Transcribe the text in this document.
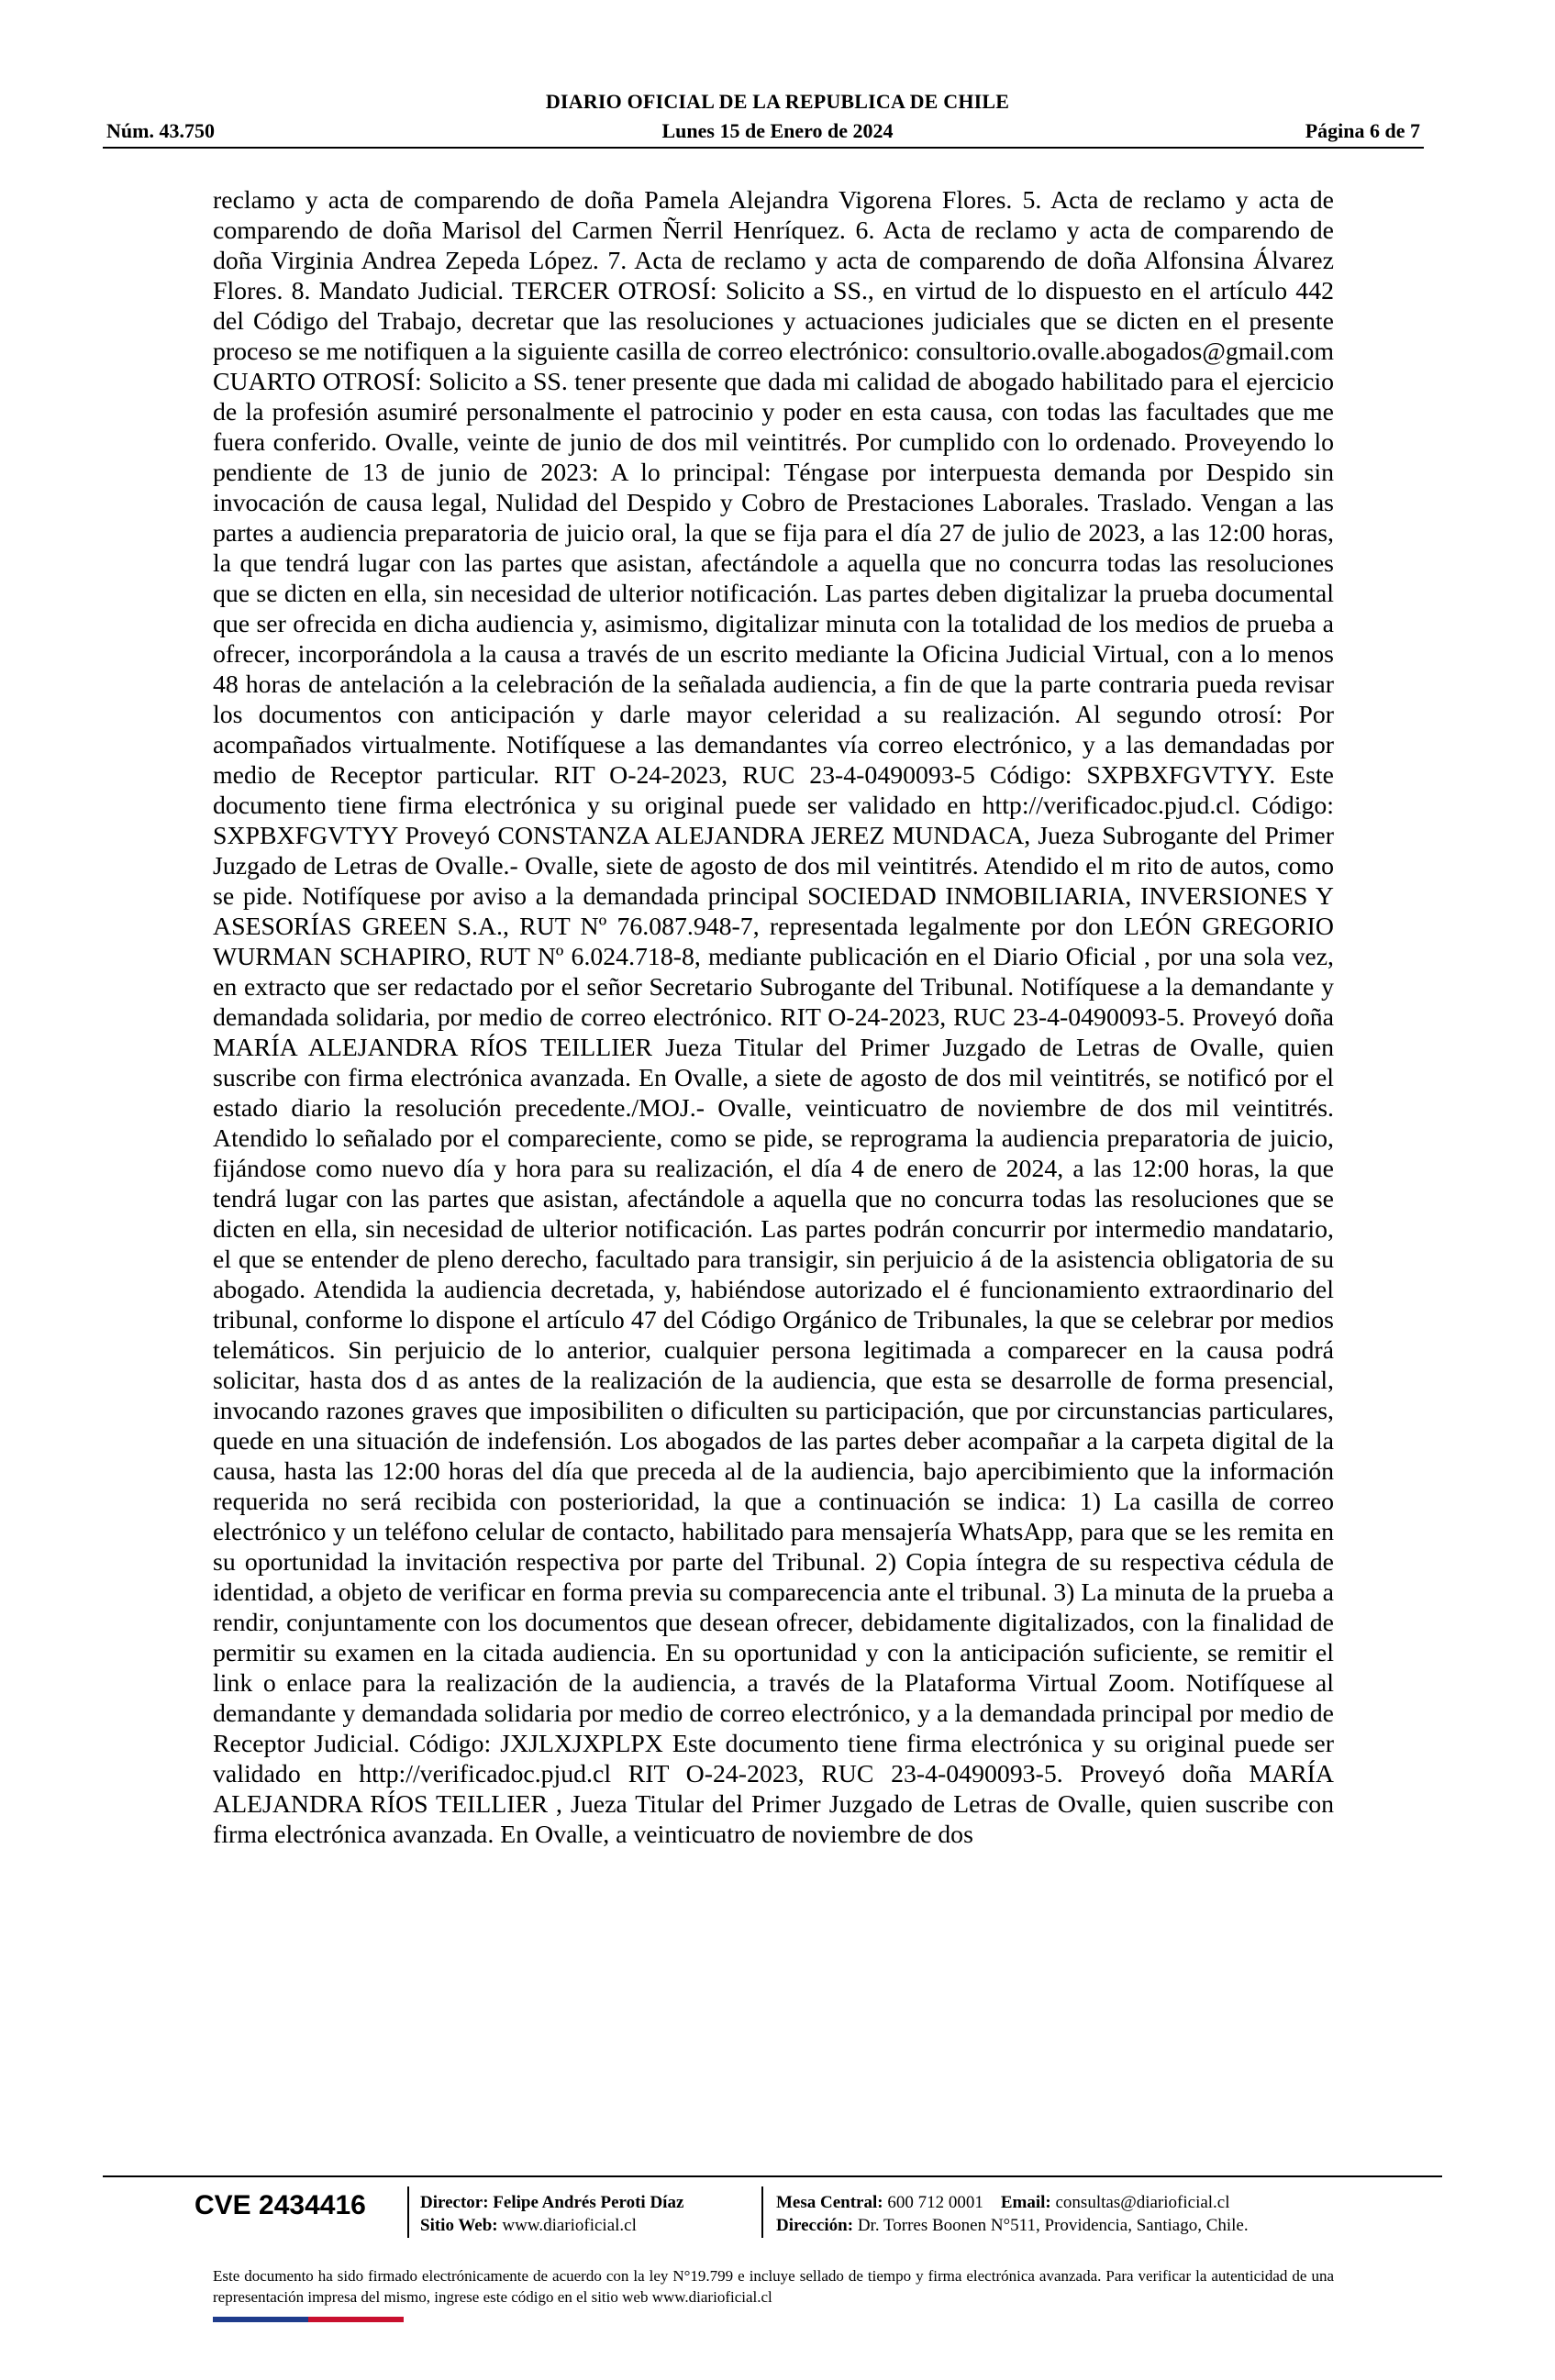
DIARIO OFICIAL DE LA REPUBLICA DE CHILE
Núm. 43.750	Lunes 15 de Enero de 2024	Página 6 de 7

reclamo y acta de comparendo de doña Pamela Alejandra Vigorena Flores. 5. Acta de reclamo y acta de comparendo de doña Marisol del Carmen Ñerril Henríquez. 6. Acta de reclamo y acta de comparendo de doña Virginia Andrea Zepeda López. 7. Acta de reclamo y acta de comparendo de doña Alfonsina Álvarez Flores. 8. Mandato Judicial. TERCER OTROSÍ: Solicito a SS., en virtud de lo dispuesto en el artículo 442 del Código del Trabajo, decretar que las resoluciones y actuaciones judiciales que se dicten en el presente proceso se me notifiquen a la siguiente casilla de correo electrónico: consultorio.ovalle.abogados@gmail.com CUARTO OTROSÍ: Solicito a SS. tener presente que dada mi calidad de abogado habilitado para el ejercicio de la profesión asumiré personalmente el patrocinio y poder en esta causa, con todas las facultades que me fuera conferido. Ovalle, veinte de junio de dos mil veintitrés. Por cumplido con lo ordenado. Proveyendo lo pendiente de 13 de junio de 2023: A lo principal: Téngase por interpuesta demanda por Despido sin invocación de causa legal, Nulidad del Despido y Cobro de Prestaciones Laborales. Traslado. Vengan a las partes a audiencia preparatoria de juicio oral, la que se fija para el día 27 de julio de 2023, a las 12:00 horas, la que tendrá lugar con las partes que asistan, afectándole a aquella que no concurra todas las resoluciones que se dicten en ella, sin necesidad de ulterior notificación. Las partes deben digitalizar la prueba documental que ser ofrecida en dicha audiencia y, asimismo, digitalizar minuta con la totalidad de los medios de prueba a ofrecer, incorporándola a la causa a través de un escrito mediante la Oficina Judicial Virtual, con a lo menos 48 horas de antelación a la celebración de la señalada audiencia, a fin de que la parte contraria pueda revisar los documentos con anticipación y darle mayor celeridad a su realización. Al segundo otrosí: Por acompañados virtualmente. Notifíquese a las demandantes vía correo electrónico, y a las demandadas por medio de Receptor particular. RIT O-24-2023, RUC 23-4-0490093-5 Código: SXPBXFGVTYY. Este documento tiene firma electrónica y su original puede ser validado en http://verificadoc.pjud.cl. Código: SXPBXFGVTYY Proveyó CONSTANZA ALEJANDRA JEREZ MUNDACA, Jueza Subrogante del Primer Juzgado de Letras de Ovalle.- Ovalle, siete de agosto de dos mil veintitrés. Atendido el m rito de autos, como se pide. Notifíquese por aviso a la demandada principal SOCIEDAD INMOBILIARIA, INVERSIONES Y ASESORÍAS GREEN S.A., RUT Nº 76.087.948-7, representada legalmente por don LEÓN GREGORIO WURMAN SCHAPIRO, RUT Nº 6.024.718-8, mediante publicación en el Diario Oficial , por una sola vez, en extracto que ser redactado por el señor Secretario Subrogante del Tribunal. Notifíquese a la demandante y demandada solidaria, por medio de correo electrónico. RIT O-24-2023, RUC 23-4-0490093-5. Proveyó doña MARÍA ALEJANDRA RÍOS TEILLIER Jueza Titular del Primer Juzgado de Letras de Ovalle, quien suscribe con firma electrónica avanzada. En Ovalle, a siete de agosto de dos mil veintitrés, se notificó por el estado diario la resolución precedente./MOJ.- Ovalle, veinticuatro de noviembre de dos mil veintitrés. Atendido lo señalado por el compareciente, como se pide, se reprograma la audiencia preparatoria de juicio, fijándose como nuevo día y hora para su realización, el día 4 de enero de 2024, a las 12:00 horas, la que tendrá lugar con las partes que asistan, afectándole a aquella que no concurra todas las resoluciones que se dicten en ella, sin necesidad de ulterior notificación. Las partes podrán concurrir por intermedio mandatario, el que se entender de pleno derecho, facultado para transigir, sin perjuicio á de la asistencia obligatoria de su abogado. Atendida la audiencia decretada, y, habiéndose autorizado el é funcionamiento extraordinario del tribunal, conforme lo dispone el artículo 47 del Código Orgánico de Tribunales, la que se celebrar por medios telemáticos. Sin perjuicio de lo anterior, cualquier persona legitimada a comparecer en la causa podrá solicitar, hasta dos d as antes de la realización de la audiencia, que esta se desarrolle de forma presencial, invocando razones graves que imposibiliten o dificulten su participación, que por circunstancias particulares, quede en una situación de indefensión. Los abogados de las partes deber acompañar a la carpeta digital de la causa, hasta las 12:00 horas del día que preceda al de la audiencia, bajo apercibimiento que la información requerida no será recibida con posterioridad, la que a continuación se indica: 1) La casilla de correo electrónico y un teléfono celular de contacto, habilitado para mensajería WhatsApp, para que se les remita en su oportunidad la invitación respectiva por parte del Tribunal. 2) Copia íntegra de su respectiva cédula de identidad, a objeto de verificar en forma previa su comparecencia ante el tribunal. 3) La minuta de la prueba a rendir, conjuntamente con los documentos que desean ofrecer, debidamente digitalizados, con la finalidad de permitir su examen en la citada audiencia. En su oportunidad y con la anticipación suficiente, se remitir el link o enlace para la realización de la audiencia, a través de la Plataforma Virtual Zoom. Notifíquese al demandante y demandada solidaria por medio de correo electrónico, y a la demandada principal por medio de Receptor Judicial. Código: JXJLXJXPLPX Este documento tiene firma electrónica y su original puede ser validado en http://verificadoc.pjud.cl RIT O-24-2023, RUC 23-4-0490093-5. Proveyó doña MARÍA ALEJANDRA RÍOS TEILLIER , Jueza Titular del Primer Juzgado de Letras de Ovalle, quien suscribe con firma electrónica avanzada. En Ovalle, a veinticuatro de noviembre de dos

CVE 2434416	Director: Felipe Andrés Peroti Díaz
Sitio Web: www.diarioficial.cl
Mesa Central: 600 712 0001 Email: consultas@diarioficial.cl
Dirección: Dr. Torres Boonen N°511, Providencia, Santiago, Chile.
Este documento ha sido firmado electrónicamente de acuerdo con la ley N°19.799 e incluye sellado de tiempo y firma electrónica avanzada. Para verificar la autenticidad de una representación impresa del mismo, ingrese este código en el sitio web www.diarioficial.cl
